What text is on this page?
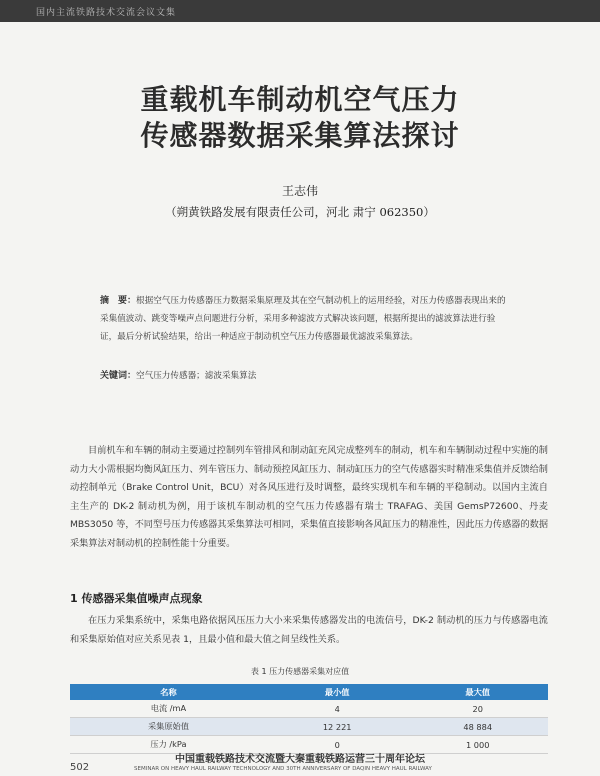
国内主流铁路技术交流会议文集
重载机车制动机空气压力
传感器数据采集算法探讨
王志伟
（朔黄铁路发展有限责任公司，河北 肃宁 062350）
摘　要：根据空气压力传感器压力数据采集原理及其在空气制动机上的运用经验，对压力传感器表现出来的采集值波动、跳变等噪声点问题进行分析，采用多种滤波方式解决该问题，根据所提出的滤波算法进行验证，最后分析试验结果，给出一种适应于制动机空气压力传感器最优滤波采集算法。
关键词：空气压力传感器；滤波采集算法
目前机车和车辆的制动主要通过控制列车管排风和制动缸充风完成整列车的制动，机车和车辆制动过程中实施的制动力大小需根据均衡风缸压力、列车管压力、制动预控风缸压力、制动缸压力的空气传感器实时精准采集值并反馈给制动控制单元（Brake Control Unit，BCU）对各风压进行及时调整，最终实现机车和车辆的平稳制动。以国内主流自主生产的 DK-2 制动机为例，用于该机车制动机的空气压力传感器有瑞士 TRAFAG、美国 GemsP72600、丹麦 MBS3050 等，不同型号压力传感器其采集算法可相同，采集值直接影响各风缸压力的精准性，因此压力传感器的数据采集算法对制动机的控制性能十分重要。
1 传感器采集值噪声点现象
在压力采集系统中，采集电路依据风压压力大小来采集传感器发出的电流信号，DK-2 制动机的压力与传感器电流和采集原始值对应关系见表 1，且最小值和最大值之间呈线性关系。
表 1 压力传感器采集对应值
名称	最小值	最大值
电流 /mA	4	20
采集原始值	12 221	48 884
压力 /kPa	0	1 000
中国重载铁路技术交流暨大秦重载铁路运营三十周年论坛
SEMINAR ON HEAVY HAUL RAILWAY TECHNOLOGY AND 30TH ANNIVERSARY OF DAQIN HEAVY HAUL RAILWAY
502
